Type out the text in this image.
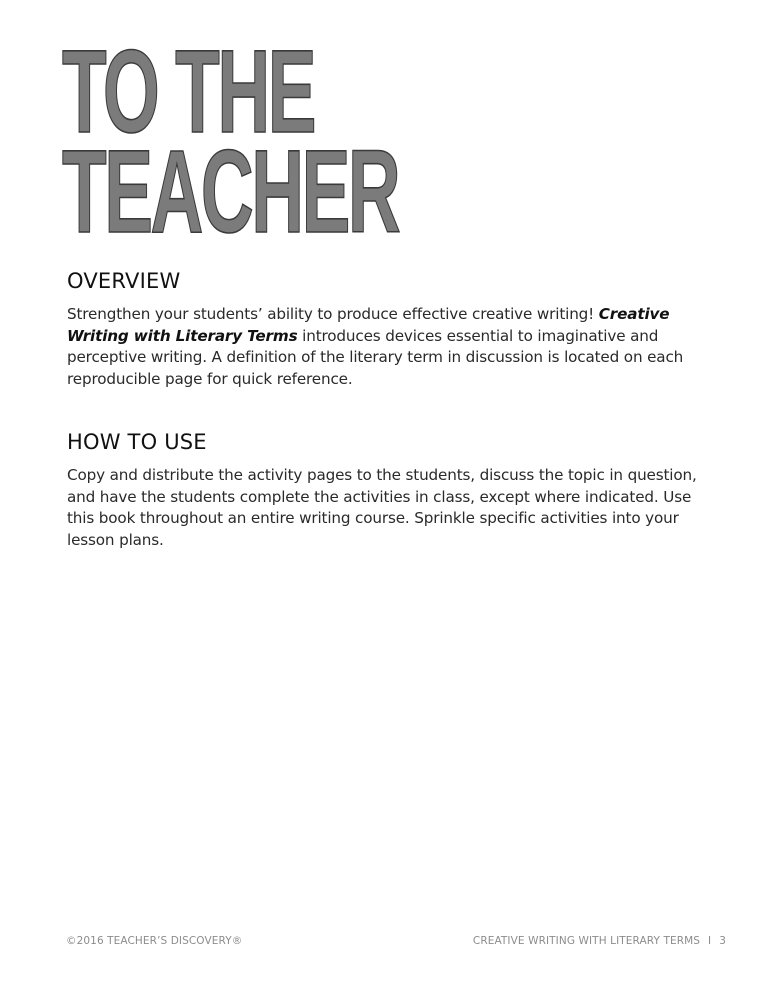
TO THE
TEACHER
OVERVIEW

Strengthen your students’ ability to produce effective creative writing! Creative Writing with Literary Terms introduces devices essential to imaginative and perceptive writing. A definition of the literary term in discussion is located on each reproducible page for quick reference.

HOW TO USE

Copy and distribute the activity pages to the students, discuss the topic in question, and have the students complete the activities in class, except where indicated. Use this book throughout an entire writing course. Sprinkle specific activities into your lesson plans.

©2016 TEACHER’S DISCOVERY®	CREATIVE WRITING WITH LITERARY TERMS I 3
